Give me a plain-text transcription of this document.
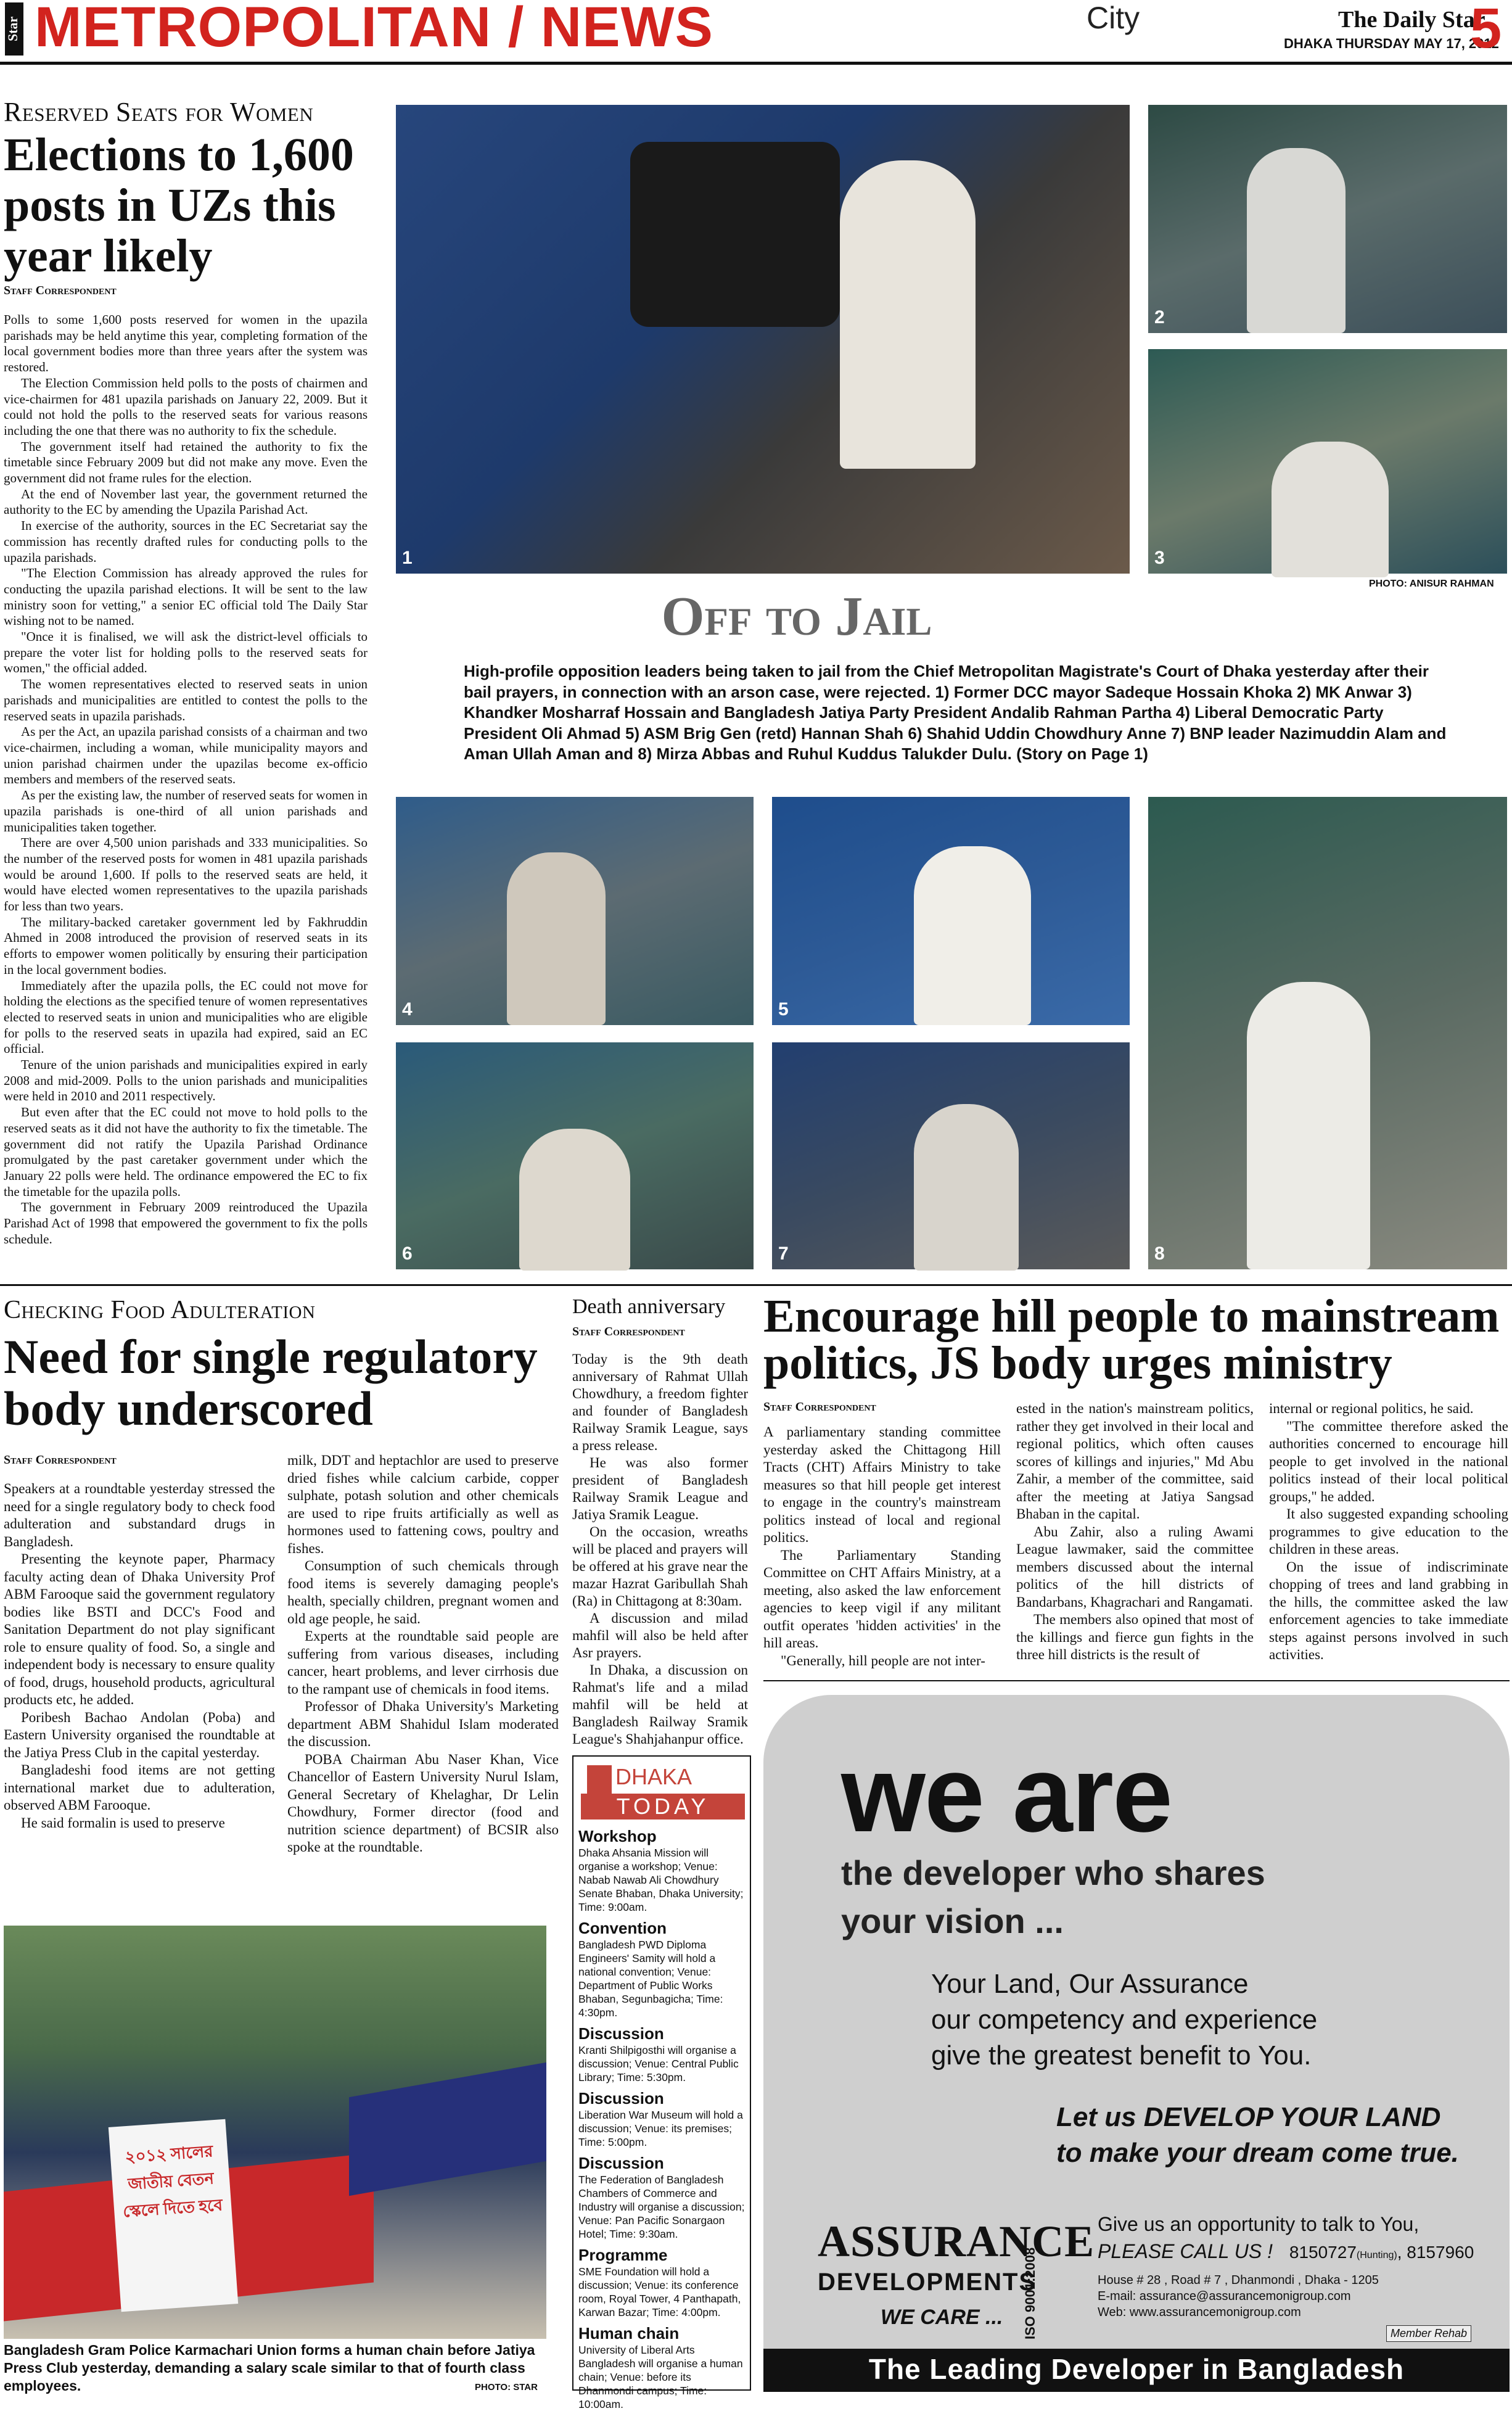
Star METROPOLITAN / NEWS	City	The Daily Star
DHAKA THURSDAY MAY 17, 2012
5
Reserved Seats for Women
Elections to 1,600 posts in UZs this year likely
Staff Correspondent

Polls to some 1,600 posts reserved for women in the upazila parishads may be held anytime this year, completing formation of the local government bodies more than three years after the system was restored.

The Election Commission held polls to the posts of chairmen and vice-chairmen for 481 upazila parishads on January 22, 2009. But it could not hold the polls to the reserved seats for various reasons including the one that there was no authority to fix the schedule.

The government itself had retained the authority to fix the timetable since February 2009 but did not make any move. Even the government did not frame rules for the election.

At the end of November last year, the government returned the authority to the EC by amending the Upazila Parishad Act.

In exercise of the authority, sources in the EC Secretariat say the commission has recently drafted rules for conducting polls to the upazila parishads.

"The Election Commission has already approved the rules for conducting the upazila parishad elections. It will be sent to the law ministry soon for vetting," a senior EC official told The Daily Star wishing not to be named.

"Once it is finalised, we will ask the district-level officials to prepare the voter list for holding polls to the reserved seats for women," the official added.

The women representatives elected to reserved seats in union parishads and municipalities are entitled to contest the polls to the reserved seats in upazila parishads.

As per the Act, an upazila parishad consists of a chairman and two vice-chairmen, including a woman, while municipality mayors and union parishad chairmen under the upazilas become ex-officio members and members of the reserved seats.

As per the existing law, the number of reserved seats for women in upazila parishads is one-third of all union parishads and municipalities taken together.

There are over 4,500 union parishads and 333 municipalities. So the number of the reserved posts for women in 481 upazila parishads would be around 1,600. If polls to the reserved seats are held, it would have elected women representatives to the upazila parishads for less than two years.

The military-backed caretaker government led by Fakhruddin Ahmed in 2008 introduced the provision of reserved seats in its efforts to empower women politically by ensuring their participation in the local government bodies.

Immediately after the upazila polls, the EC could not move for holding the elections as the specified tenure of women representatives elected to reserved seats in union and municipalities who are eligible for polls to the reserved seats in upazila had expired, said an EC official.

Tenure of the union parishads and municipalities expired in early 2008 and mid-2009. Polls to the union parishads and municipalities were held in 2010 and 2011 respectively.

But even after that the EC could not move to hold polls to the reserved seats as it did not have the authority to fix the timetable. The government did not ratify the Upazila Parishad Ordinance promulgated by the past caretaker government under which the January 22 polls were held. The ordinance empowered the EC to fix the timetable for the upazila polls.

The government in February 2009 reintroduced the Upazila Parishad Act of 1998 that empowered the government to fix the polls schedule.

1
2
3
PHOTO: ANISUR RAHMAN
Off to Jail
High-profile opposition leaders being taken to jail from the Chief Metropolitan Magistrate's Court of Dhaka yesterday after their bail prayers, in connection with an arson case, were rejected. 1) Former DCC mayor Sadeque Hossain Khoka 2) MK Anwar 3) Khandker Mosharraf Hossain and Bangladesh Jatiya Party President Andalib Rahman Partha 4) Liberal Democratic Party President Oli Ahmad 5) ASM Brig Gen (retd) Hannan Shah 6) Shahid Uddin Chowdhury Anne 7) BNP leader Nazimuddin Alam and Aman Ullah Aman and 8) Mirza Abbas and Ruhul Kuddus Talukder Dulu. (Story on Page 1)
4	5
6	7	8
Checking Food Adulteration
Need for single regulatory body underscored
Staff Correspondent

Speakers at a roundtable yesterday stressed the need for a single regulatory body to check food adulteration and substandard drugs in Bangladesh.

Presenting the keynote paper, Pharmacy faculty acting dean of Dhaka University Prof ABM Farooque said the government regulatory bodies like BSTI and DCC's Food and Sanitation Department do not play significant role to ensure quality of food. So, a single and independent body is necessary to ensure quality of food, drugs, household products, agricultural products etc, he added.

Poribesh Bachao Andolan (Poba) and Eastern University organised the roundtable at the Jatiya Press Club in the capital yesterday.

Bangladeshi food items are not getting international market due to adulteration, observed ABM Farooque.

He said formalin is used to preserve

milk, DDT and heptachlor are used to preserve dried fishes while calcium carbide, copper sulphate, potash solution and other chemicals are used to ripe fruits artificially as well as hormones used to fattening cows, poultry and fishes.

Consumption of such chemicals through food items is severely damaging people's health, specially children, pregnant women and old age people, he said.

Experts at the roundtable said people are suffering from various diseases, including cancer, heart problems, and lever cirrhosis due to the rampant use of chemicals in food items.

Professor of Dhaka University's Marketing department ABM Shahidul Islam moderated the discussion.

POBA Chairman Abu Naser Khan, Vice Chancellor of Eastern University Nurul Islam, General Secretary of Khelaghar, Dr Lelin Chowdhury, Former director (food and nutrition science department) of BCSIR also spoke at the roundtable.

Death anniversary
Staff Correspondent

Today is the 9th death anniversary of Rahmat Ullah Chowdhury, a freedom fighter and founder of Bangladesh Railway Sramik League, says a press release.

He was also former president of Bangladesh Railway Sramik League and Jatiya Sramik League.

On the occasion, wreaths will be placed and prayers will be offered at his grave near the mazar Hazrat Garibullah Shah (Ra) in Chittagong at 8:30am.

A discussion and milad mahfil will also be held after Asr prayers.

In Dhaka, a discussion on Rahmat's life and a milad mahfil will be held at Bangladesh Railway Sramik League's Shahjahanpur office.

DHAKA
TODAY
Workshop

Dhaka Ahsania Mission will organise a workshop; Venue: Nabab Nawab Ali Chowdhury Senate Bhaban, Dhaka University; Time: 9:00am.

Convention

Bangladesh PWD Diploma Engineers' Samity will hold a national convention; Venue: Department of Public Works Bhaban, Segunbagicha; Time: 4:30pm.

Discussion

Kranti Shilpigosthi will organise a discussion; Venue: Central Public Library; Time: 5:30pm.

Discussion

Liberation War Museum will hold a discussion; Venue: its premises; Time: 5:00pm.

Discussion

The Federation of Bangladesh Chambers of Commerce and Industry will organise a discussion; Venue: Pan Pacific Sonargaon Hotel; Time: 9:30am.

Programme

SME Foundation will hold a discussion; Venue: its conference room, Royal Tower, 4 Panthapath, Karwan Bazar; Time: 4:00pm.

Human chain

University of Liberal Arts Bangladesh will organise a human chain; Venue: before its Dhanmondi campus; Time: 10:00am.

Encourage hill people to mainstream politics, JS body urges ministry
Staff Correspondent

A parliamentary standing committee yesterday asked the Chittagong Hill Tracts (CHT) Affairs Ministry to take measures so that hill people get interest to engage in the country's mainstream politics instead of local and regional politics.

The Parliamentary Standing Committee on CHT Affairs Ministry, at a meeting, also asked the law enforcement agencies to keep vigil if any militant outfit operates 'hidden activities' in the hill areas.

"Generally, hill people are not inter-

ested in the nation's mainstream politics, rather they get involved in their local and regional politics, which often causes scores of killings and injuries," Md Abu Zahir, a member of the committee, said after the meeting at Jatiya Sangsad Bhaban in the capital.

Abu Zahir, also a ruling Awami League lawmaker, said the committee members discussed about the internal politics of the hill districts of Bandarbans, Khagrachari and Rangamati.

The members also opined that most of the killings and fierce gun fights in the three hill districts is the result of

internal or regional politics, he said.

"The committee therefore asked the authorities concerned to encourage hill people to get involved in the national politics instead of their local political groups," he added.

It also suggested expanding schooling programmes to give education to the children in these areas.

On the issue of indiscriminate chopping of trees and land grabbing in the hills, the committee asked the law enforcement agencies to take immediate steps against persons involved in such activities.

২০১২ সালের জাতীয় বেতন স্কেলে দিতে হবে
Bangladesh Gram Police Karmachari Union forms a human chain before Jatiya Press Club yesterday, demanding a salary scale similar to that of fourth class employees.	PHOTO: STAR
we are
the developer who shares
your vision ...
Your Land, Our Assurance
our competency and experience
give the greatest benefit to You.
Let us DEVELOP YOUR LAND
to make your dream come true.
ASSURANCE
DEVELOPMENTS
WE CARE ... ISO 9001:2008
Give us an opportunity to talk to You,
PLEASE CALL US ! 8150727(Hunting), 8157960
House # 28 , Road # 7 , Dhanmondi , Dhaka - 1205
E-mail: assurance@assurancemonigroup.com
Web: www.assurancemonigroup.com
Member Rehab
The Leading Developer in Bangladesh
